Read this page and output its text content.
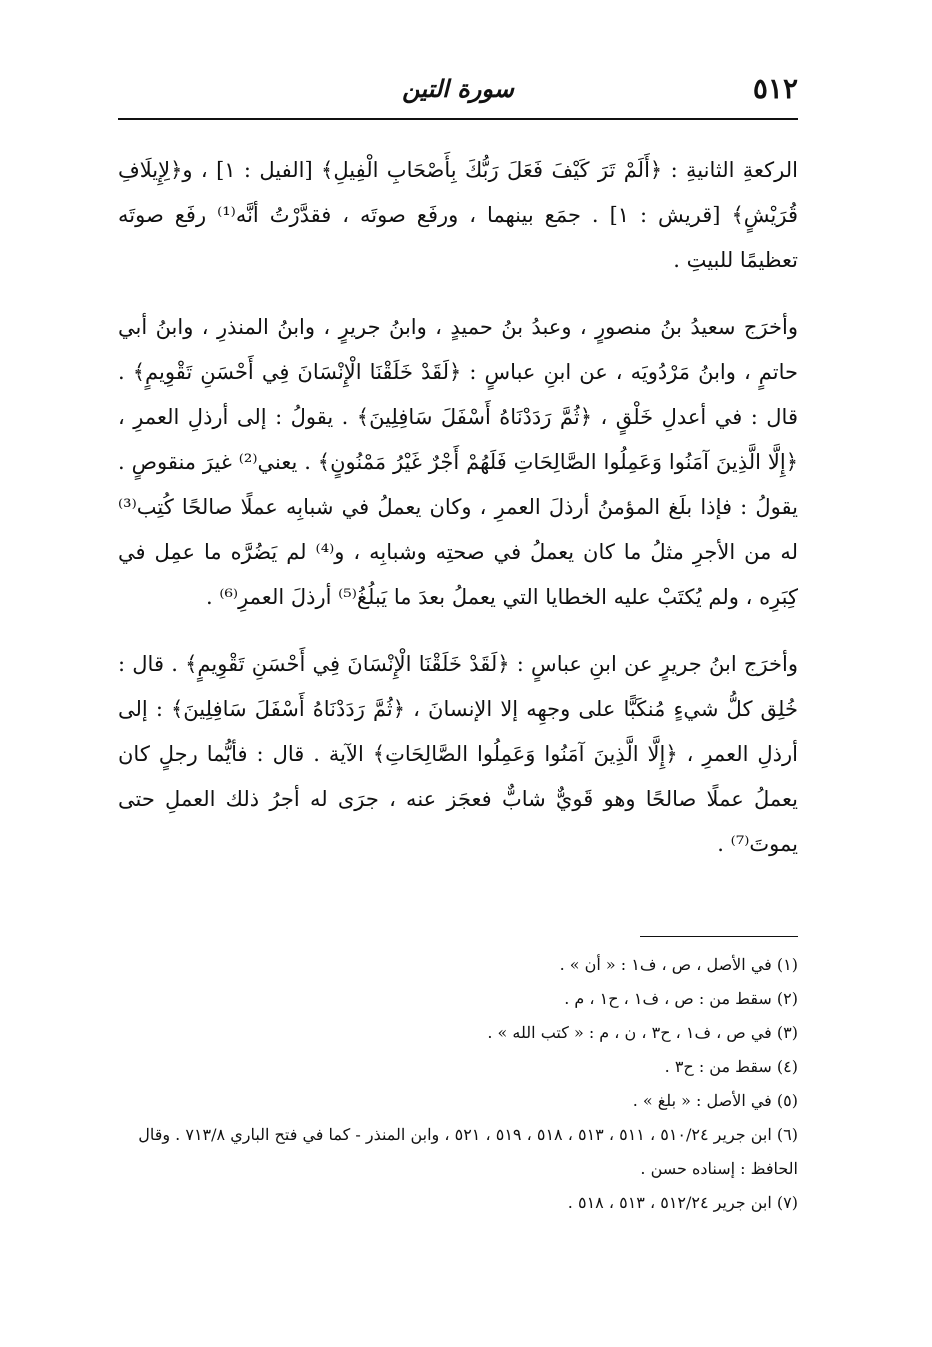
٥١٢
سورة التين

الركعةِ الثانيةِ : ﴿أَلَمْ تَرَ كَيْفَ فَعَلَ رَبُّكَ بِأَصْحَابِ الْفِيلِ﴾ [الفيل : ١] ، و﴿لِإِيلَافِ قُرَيْشٍ﴾ [قريش : ١] . جمَع بينهما ، ورفَع صوتَه ، فقدَّرْتُ أنَّه⁽¹⁾ رفَع صوتَه تعظيمًا للبيتِ .

وأخرَج سعيدُ بنُ منصورٍ ، وعبدُ بنُ حميدٍ ، وابنُ جريرٍ ، وابنُ المنذرِ ، وابنُ أبي حاتمٍ ، وابنُ مَرْدُويَه ، عن ابنِ عباسٍ : ﴿لَقَدْ خَلَقْنَا الْإِنْسَانَ فِي أَحْسَنِ تَقْوِيمٍ﴾ . قال : في أعدلِ خَلْقٍ ، ﴿ثُمَّ رَدَدْنَاهُ أَسْفَلَ سَافِلِينَ﴾ . يقولُ : إلى أرذلِ العمرِ ، ﴿إِلَّا الَّذِينَ آمَنُوا وَعَمِلُوا الصَّالِحَاتِ فَلَهُمْ أَجْرٌ غَيْرُ مَمْنُونٍ﴾ . يعني⁽²⁾ غيرَ منقوصٍ . يقولُ : فإذا بلَغ المؤمنُ أرذلَ العمرِ ، وكان يعملُ في شبابِه عملًا صالحًا كُتِب⁽³⁾ له من الأجرِ مثلُ ما كان يعملُ في صحتِه وشبابِه ، و⁽⁴⁾ لم يَضُرَّه ما عمِل في كِبَرِه ، ولم يُكتَبْ عليه الخطايا التي يعملُ بعدَ ما يَبلُغُ⁽⁵⁾ أرذلَ العمرِ⁽⁶⁾ .

وأخرَج ابنُ جريرٍ عن ابنِ عباسٍ : ﴿لَقَدْ خَلَقْنَا الْإِنْسَانَ فِي أَحْسَنِ تَقْوِيمٍ﴾ . قال : خُلِق كلُّ شيءٍ مُنكَبًّا على وجهِه إلا الإنسانَ ، ﴿ثُمَّ رَدَدْنَاهُ أَسْفَلَ سَافِلِينَ﴾ : إلى أرذلِ العمرِ ، ﴿إِلَّا الَّذِينَ آمَنُوا وَعَمِلُوا الصَّالِحَاتِ﴾ الآية . قال : فأيُّما رجلٍ كان يعملُ عملًا صالحًا وهو قَويٌّ شابٌّ فعجَز عنه ، جرَى له أجرُ ذلك العملِ حتى يموتَ⁽⁷⁾ .

(١) في الأصل ، ص ، ف١ : « أن » .

(٢) سقط من : ص ، ف١ ، ح١ ، م .

(٣) في ص ، ف١ ، ح٣ ، ن ، م : « كتب الله » .

(٤) سقط من : ح٣ .

(٥) في الأصل : « بلغ » .

(٦) ابن جرير ٥١٠/٢٤ ، ٥١١ ، ٥١٣ ، ٥١٨ ، ٥١٩ ، ٥٢١ ، وابن المنذر - كما في فتح الباري ٧١٣/٨ . وقال الحافظ : إسناده حسن .

(٧) ابن جرير ٥١٢/٢٤ ، ٥١٣ ، ٥١٨ .
